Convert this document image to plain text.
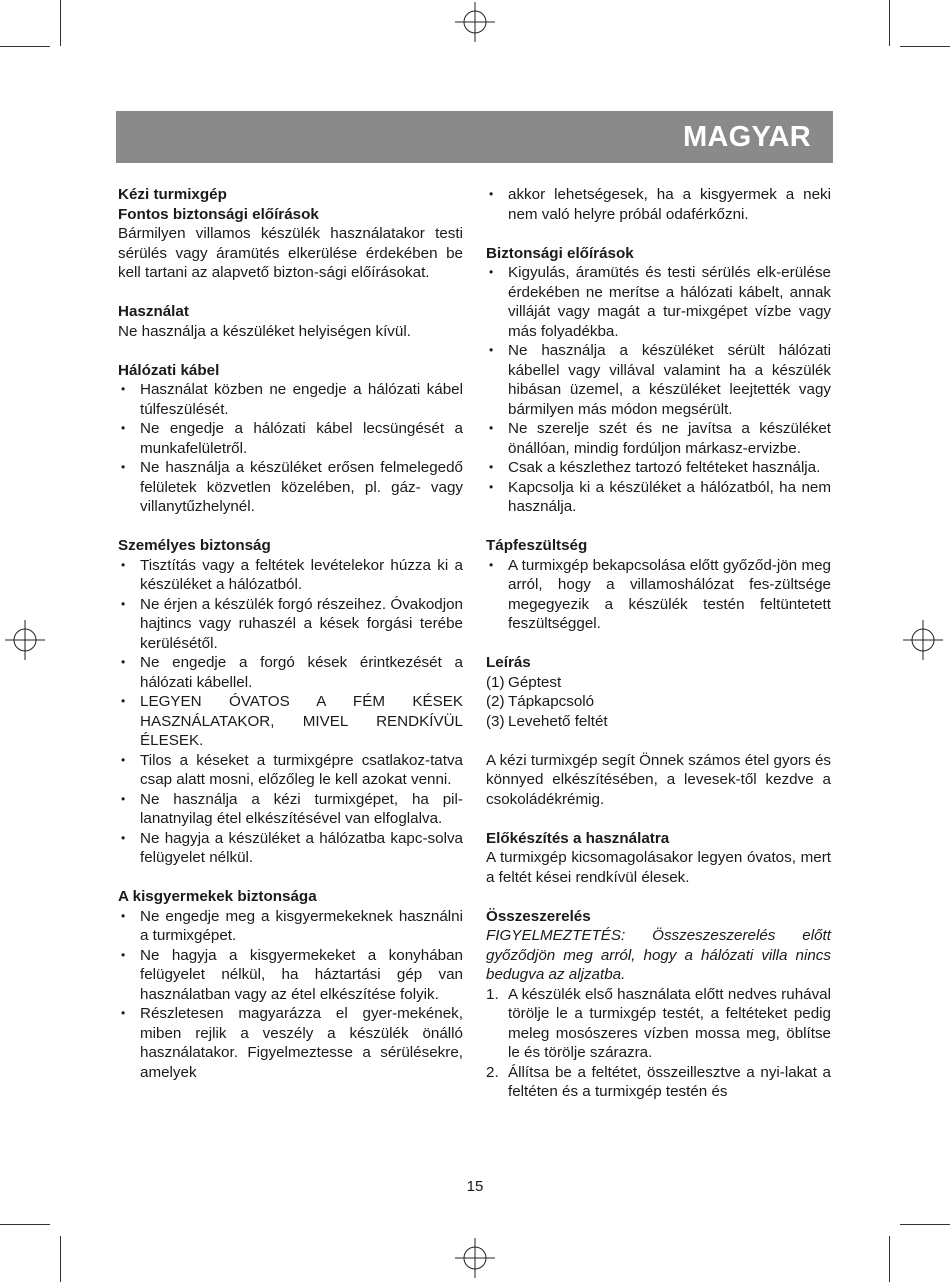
MAGYAR

Kézi turmixgép

Fontos biztonsági előírások

Bármilyen villamos készülék használatakor testi sérülés vagy áramütés elkerülése érdekében be kell tartani az alapvető bizton-sági előírásokat.

Használat

Ne használja a készüléket helyiségen kívül.

Hálózati kábel

• Használat közben ne engedje a hálózati kábel túlfeszülését.
• Ne engedje a hálózati kábel lecsüngését a munkafelületről.
• Ne használja a készüléket erősen felmelegedő felületek közvetlen közelében, pl. gáz- vagy villanytűzhelynél.

Személyes biztonság

• Tisztítás vagy a feltétek levételekor húzza ki a készüléket a hálózatból.
• Ne érjen a készülék forgó részeihez. Óvakodjon hajtincs vagy ruhaszél a kések forgási terébe kerülésétől.
• Ne engedje a forgó kések érintkezését a hálózati kábellel.
• LEGYEN ÓVATOS A FÉM KÉSEK HASZNÁLATAKOR, MIVEL RENDKÍVÜL ÉLESEK.
• Tilos a késeket a turmixgépre csatlakoz-tatva csap alatt mosni, előzőleg le kell azokat venni.
• Ne használja a kézi turmixgépet, ha pil-lanatnyilag étel elkészítésével van elfoglalva.
• Ne hagyja a készüléket a hálózatba kapc-solva felügyelet nélkül.

A kisgyermekek biztonsága

• Ne engedje meg a kisgyermekeknek használni a turmixgépet.
• Ne hagyja a kisgyermekeket a konyhában felügyelet nélkül, ha háztartási gép van használatban vagy az étel elkészítése folyik.
• Részletesen magyarázza el gyer-mekének, miben rejlik a veszély a készülék önálló használatakor. Figyelmeztesse a sérülésekre, amelyek
• akkor lehetségesek, ha a kisgyermek a neki nem való helyre próbál odaférkőzni.

Biztonsági előírások

• Kigyulás, áramütés és testi sérülés elk-erülése érdekében ne merítse a hálózati kábelt, annak villáját vagy magát a tur-mixgépet vízbe vagy más folyadékba.
• Ne használja a készüléket sérült hálózati kábellel vagy villával valamint ha a készülék hibásan üzemel, a készüléket leejtették vagy bármilyen más módon megsérült.
• Ne szerelje szét és ne javítsa a készüléket önállóan, mindig fordúljon márkasz-ervizbe.
• Csak a készlethez tartozó feltéteket használja.
• Kapcsolja ki a készüléket a hálózatból, ha nem használja.

Tápfeszültség

• A turmixgép bekapcsolása előtt győződ-jön meg arról, hogy a villamoshálózat fes-zültsége megegyezik a készülék testén feltüntetett feszültséggel.

Leírás

(1) Géptest
(2) Tápkapcsoló
(3) Levehető feltét

A kézi turmixgép segít Önnek számos étel gyors és könnyed elkészítésében, a levesek-től kezdve a csokoládékrémig.

Előkészítés a használatra

A turmixgép kicsomagolásakor legyen óvatos, mert a feltét kései rendkívül élesek.

Összeszerelés

FIGYELMEZTETÉS: Összeszeszerelés előtt győződjön meg arról, hogy a hálózati villa nincs bedugva az aljzatba.

1. A készülék első használata előtt nedves ruhával törölje le a turmixgép testét, a feltéteket pedig meleg mosószeres vízben mossa meg, öblítse le és törölje szárazra.
2. Állítsa be a feltétet, összeillesztve a nyi-lakat a feltéten és a turmixgép testén és
15
